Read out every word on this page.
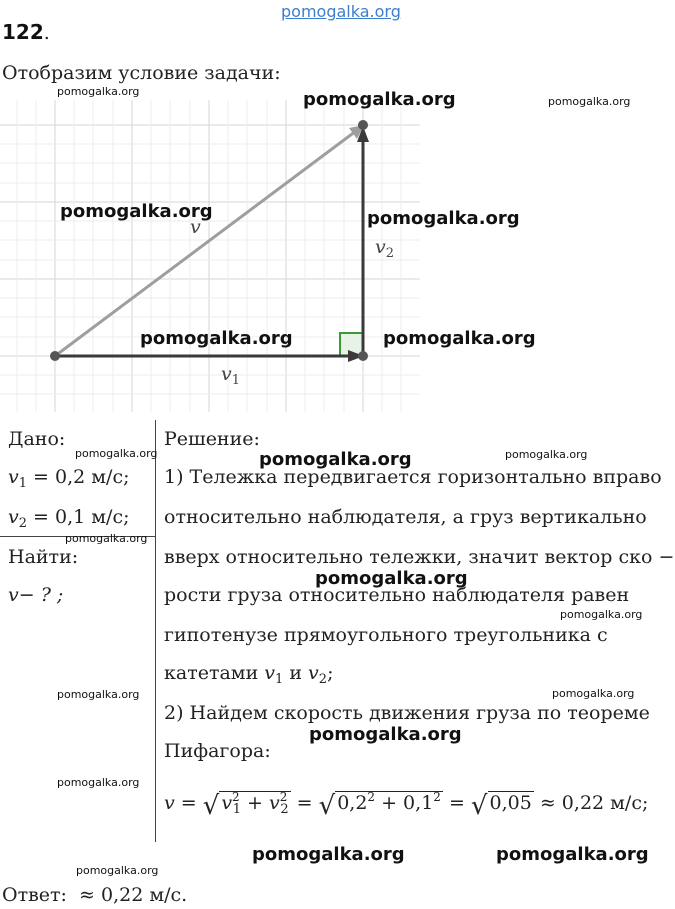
pomogalka.org
122.
Отобразим условие задачи:
v
$v_2$
$v_1$
Дано:
$v_1 = 0,2$ м/с;
$v_2 = 0,1$ м/с;
Найти:
v− ? ;
Решение:
1) Тележка передвигается горизонтально вправо
относительно наблюдателя, а груз вертикально
вверх относительно тележки, значит вектор ско −
рости груза относительно наблюдателя равен
гипотенузе прямоугольного треугольника с
катетами $v_1$ и $v_2$;
2) Найдем скорость движения груза по теореме
Пифагора:
v = √ $v^2_1 + v^2_2$ = √ $0,2^2 + 0,1^2$ = √ 0,05 ≈ 0,22 м/с;
Ответ: ≈ 0,22 м/с.
pomogalka.org	pomogalka.org	pomogalka.org
pomogalka.org	pomogalka.org
pomogalka.org	pomogalka.org
pomogalka.org	pomogalka.org	pomogalka.org
pomogalka.org
pomogalka.org
pomogalka.org
pomogalka.org	pomogalka.org
pomogalka.org
pomogalka.org
pomogalka.org	pomogalka.org
pomogalka.org
